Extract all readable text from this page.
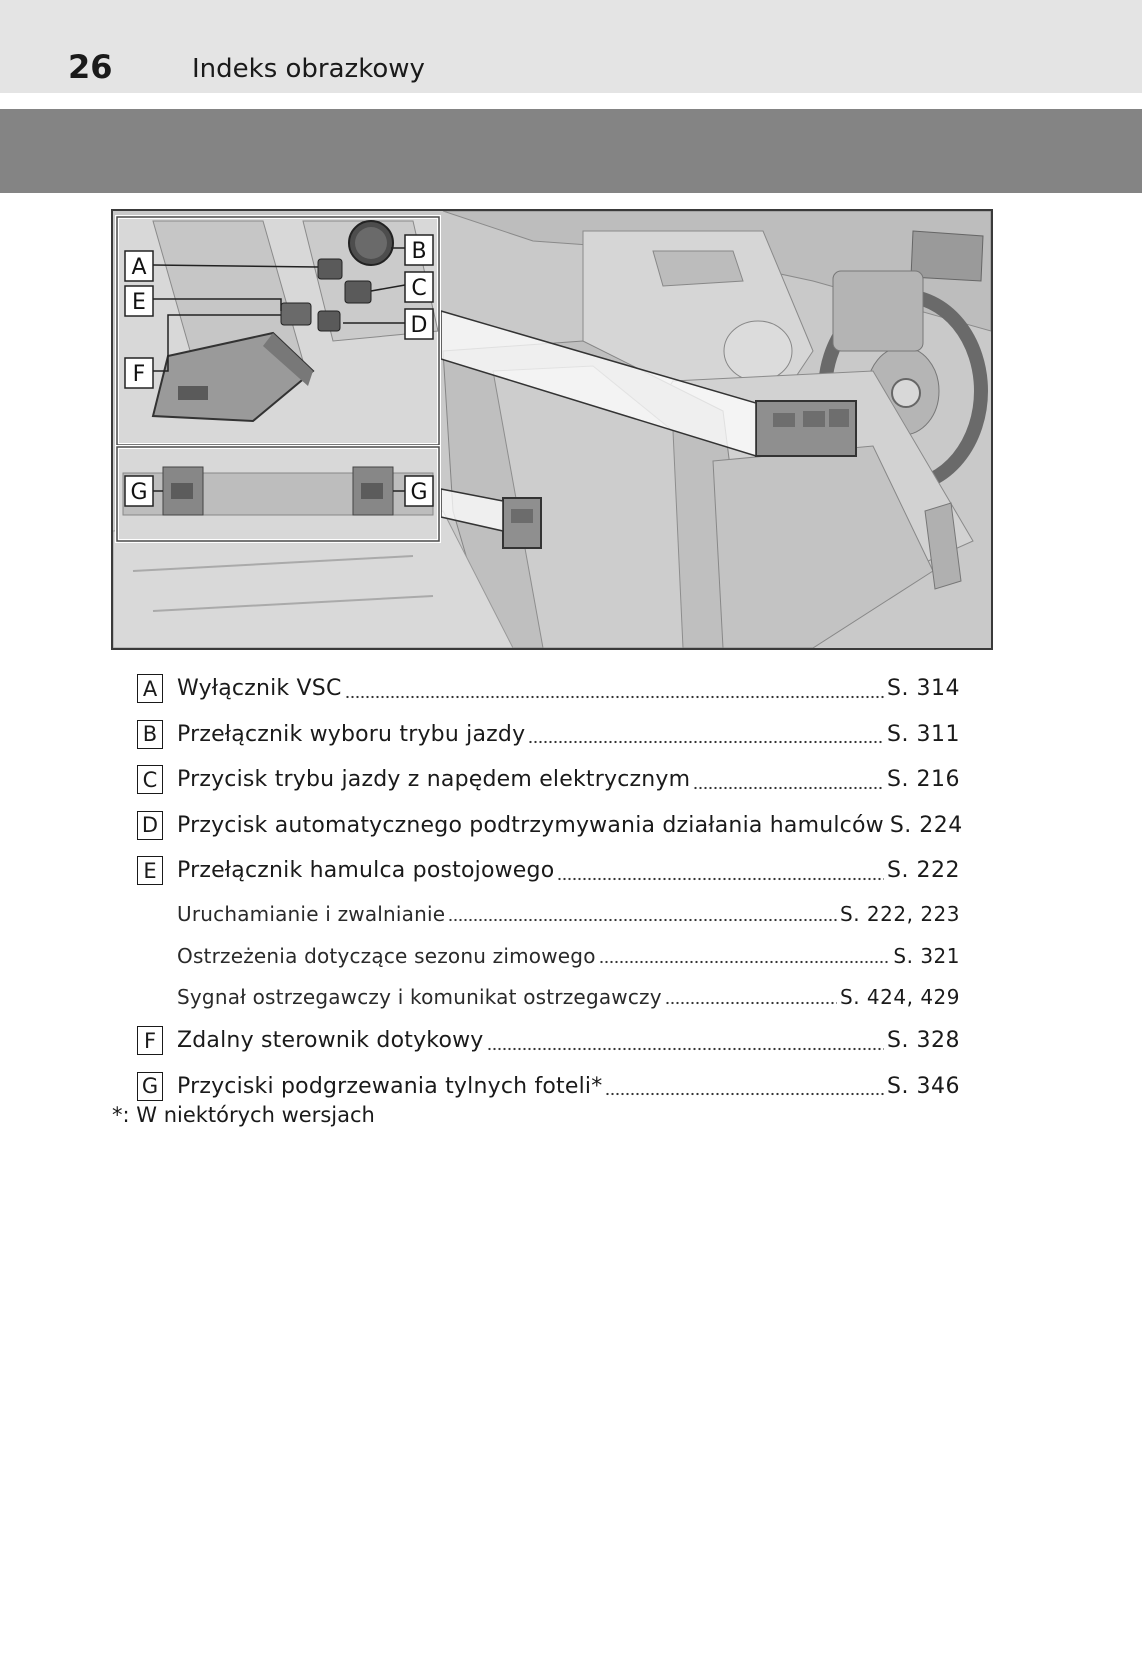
26	Indeks obrazkowy
A
B
C
D
E
F
G	G
A Wyłącznik VSC	S. 314
B Przełącznik wyboru trybu jazdy	S. 311
C Przycisk trybu jazdy z napędem elektrycznym	S. 216
D Przycisk automatycznego podtrzymywania działania hamulców S. 224
E Przełącznik hamulca postojowego	S. 222
Uruchamianie i zwalnianie	S. 222, 223
Ostrzeżenia dotyczące sezonu zimowego	S. 321
Sygnał ostrzegawczy i komunikat ostrzegawczy	S. 424, 429
F Zdalny sterownik dotykowy	S. 328
G Przyciski podgrzewania tylnych foteli*	S. 346
*: W niektórych wersjach
